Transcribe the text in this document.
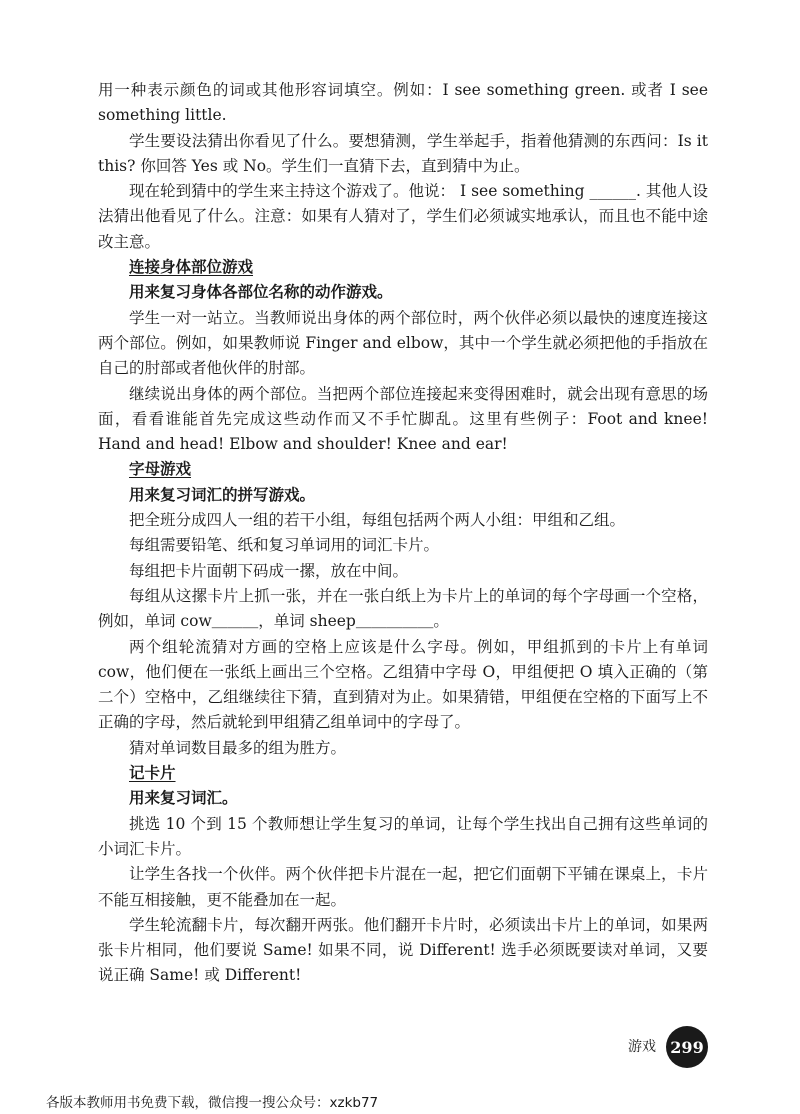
用一种表示颜色的词或其他形容词填空。例如：I see something green. 或者 I see something little.

学生要设法猜出你看见了什么。要想猜测，学生举起手，指着他猜测的东西问：Is it this? 你回答 Yes 或 No。学生们一直猜下去，直到猜中为止。

现在轮到猜中的学生来主持这个游戏了。他说： I see something ______. 其他人设法猜出他看见了什么。注意：如果有人猜对了，学生们必须诚实地承认，而且也不能中途改主意。

连接身体部位游戏

用来复习身体各部位名称的动作游戏。

学生一对一站立。当教师说出身体的两个部位时，两个伙伴必须以最快的速度连接这两个部位。例如，如果教师说 Finger and elbow，其中一个学生就必须把他的手指放在自己的肘部或者他伙伴的肘部。

继续说出身体的两个部位。当把两个部位连接起来变得困难时，就会出现有意思的场面，看看谁能首先完成这些动作而又不手忙脚乱。这里有些例子：Foot and knee! Hand and head! Elbow and shoulder! Knee and ear!

字母游戏

用来复习词汇的拼写游戏。

把全班分成四人一组的若干小组，每组包括两个两人小组：甲组和乙组。

每组需要铅笔、纸和复习单词用的词汇卡片。

每组把卡片面朝下码成一摞，放在中间。

每组从这摞卡片上抓一张，并在一张白纸上为卡片上的单词的每个字母画一个空格，例如，单词 cow＿＿＿，单词 sheep＿＿＿＿＿。

两个组轮流猜对方画的空格上应该是什么字母。例如，甲组抓到的卡片上有单词 cow，他们便在一张纸上画出三个空格。乙组猜中字母 O，甲组便把 O 填入正确的（第二个）空格中，乙组继续往下猜，直到猜对为止。如果猜错，甲组便在空格的下面写上不正确的字母，然后就轮到甲组猜乙组单词中的字母了。

猜对单词数目最多的组为胜方。

记卡片

用来复习词汇。

挑选 10 个到 15 个教师想让学生复习的单词，让每个学生找出自己拥有这些单词的小词汇卡片。

让学生各找一个伙伴。两个伙伴把卡片混在一起，把它们面朝下平铺在课桌上，卡片不能互相接触，更不能叠加在一起。

学生轮流翻卡片，每次翻开两张。他们翻开卡片时，必须读出卡片上的单词，如果两张卡片相同，他们要说 Same! 如果不同，说 Different! 选手必须既要读对单词，又要说正确 Same! 或 Different!

游戏 299
各版本教师用书免费下载，微信搜一搜公众号：xzkb77
